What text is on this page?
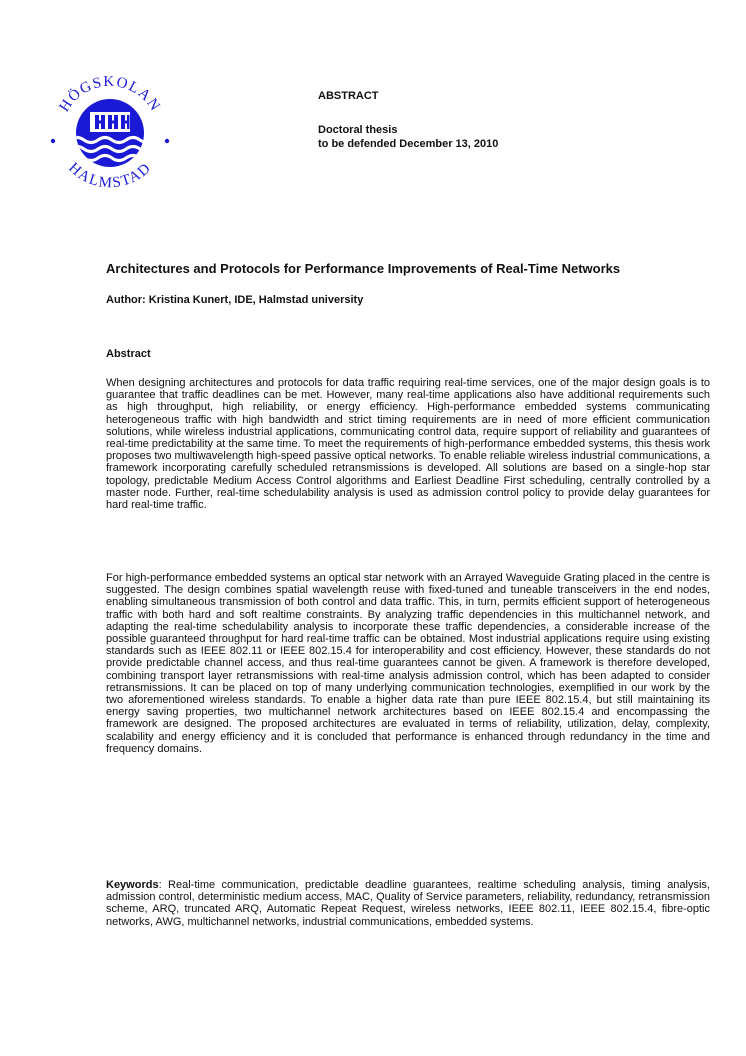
HÖGSKOLAN
HALMSTAD
ABSTRACT
Doctoral thesis
to be defended December 13, 2010
Architectures and Protocols for Performance Improvements of Real-Time Networks
Author: Kristina Kunert, IDE, Halmstad university
Abstract

When designing architectures and protocols for data traffic requiring real-time services, one of the major design goals is to guarantee that traffic deadlines can be met. However, many real-time applications also have additional requirements such as high throughput, high reliability, or energy efficiency. High-performance embedded systems communicating heterogeneous traffic with high bandwidth and strict timing requirements are in need of more efficient communication solutions, while wireless industrial applications, communicating control data, require support of reliability and guarantees of real-time predictability at the same time. To meet the requirements of high-performance embedded systems, this thesis work proposes two multiwavelength high-speed passive optical networks. To enable reliable wireless industrial communications, a framework incorporating carefully scheduled retransmissions is developed. All solutions are based on a single-hop star topology, predictable Medium Access Control algorithms and Earliest Deadline First scheduling, centrally controlled by a master node. Further, real-time schedulability analysis is used as admission control policy to provide delay guarantees for hard real-time traffic.

For high-performance embedded systems an optical star network with an Arrayed Waveguide Grating placed in the centre is suggested. The design combines spatial wavelength reuse with fixed-tuned and tuneable transceivers in the end nodes, enabling simultaneous transmission of both control and data traffic. This, in turn, permits efficient support of heterogeneous traffic with both hard and soft realtime constraints. By analyzing traffic dependencies in this multichannel network, and adapting the real-time schedulability analysis to incorporate these traffic dependencies, a considerable increase of the possible guaranteed throughput for hard real-time traffic can be obtained. Most industrial applications require using existing standards such as IEEE 802.11 or IEEE 802.15.4 for interoperability and cost efficiency. However, these standards do not provide predictable channel access, and thus real-time guarantees cannot be given. A framework is therefore developed, combining transport layer retransmissions with real-time analysis admission control, which has been adapted to consider retransmissions. It can be placed on top of many underlying communication technologies, exemplified in our work by the two aforementioned wireless standards. To enable a higher data rate than pure IEEE 802.15.4, but still maintaining its energy saving properties, two multichannel network architectures based on IEEE 802.15.4 and encompassing the framework are designed. The proposed architectures are evaluated in terms of reliability, utilization, delay, complexity, scalability and energy efficiency and it is concluded that performance is enhanced through redundancy in the time and frequency domains.

Keywords: Real-time communication, predictable deadline guarantees, realtime scheduling analysis, timing analysis, admission control, deterministic medium access, MAC, Quality of Service parameters, reliability, redundancy, retransmission scheme, ARQ, truncated ARQ, Automatic Repeat Request, wireless networks, IEEE 802.11, IEEE 802.15.4, fibre-optic networks, AWG, multichannel networks, industrial communications, embedded systems.
